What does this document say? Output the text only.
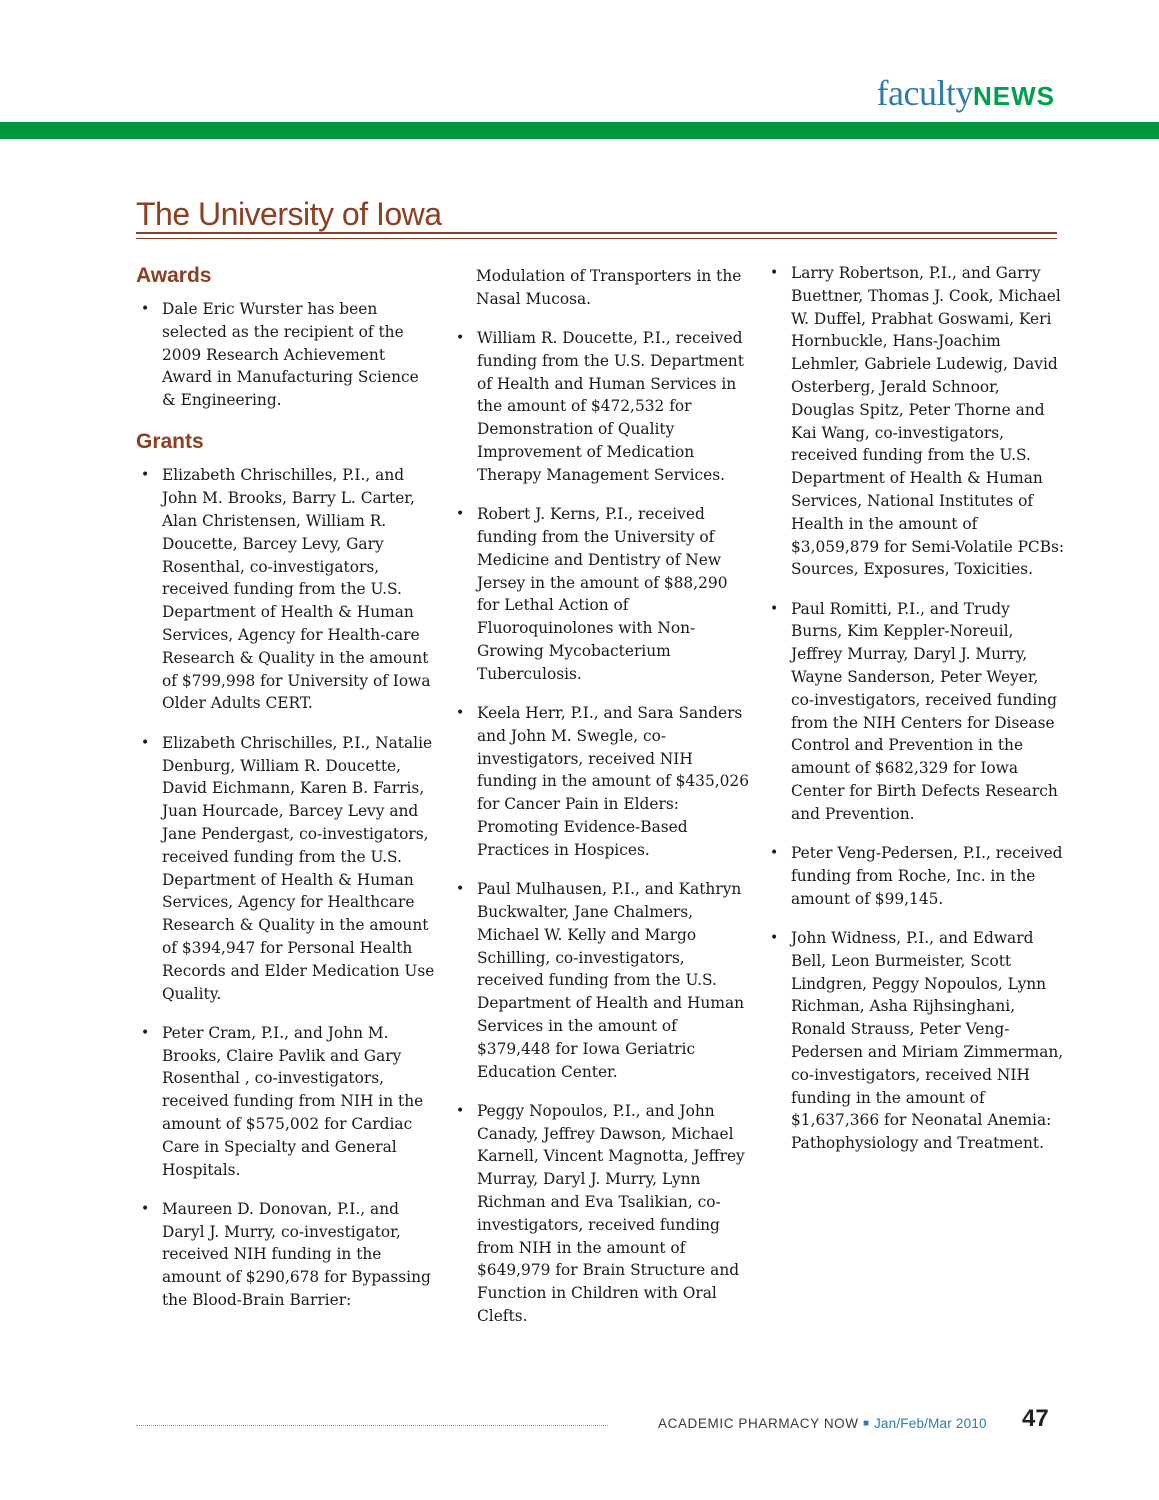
facultyNEWS
The University of Iowa
Awards
• Dale Eric Wurster has been selected as the recipient of the 2009 Research Achievement Award in Manufacturing Science & Engineering.
Grants
• Elizabeth Chrischilles, P.I., and John M. Brooks, Barry L. Carter, Alan Christensen, William R. Doucette, Barcey Levy, Gary Rosenthal, co-investigators, received funding from the U.S. Department of Health & Human Services, Agency for Health-care Research & Quality in the amount of $799,998 for University of Iowa Older Adults CERT.
• Elizabeth Chrischilles, P.I., Natalie Denburg, William R. Doucette, David Eichmann, Karen B. Farris, Juan Hourcade, Barcey Levy and Jane Pendergast, co-investigators, received funding from the U.S. Department of Health & Human Services, Agency for Healthcare Research & Quality in the amount of $394,947 for Personal Health Records and Elder Medication Use Quality.
• Peter Cram, P.I., and John M. Brooks, Claire Pavlik and Gary Rosenthal , co-investigators, received funding from NIH in the amount of $575,002 for Cardiac Care in Specialty and General Hospitals.
• Maureen D. Donovan, P.I., and Daryl J. Murry, co-investigator, received NIH funding in the amount of $290,678 for Bypassing the Blood-Brain Barrier:
Modulation of Transporters in the Nasal Mucosa.
• William R. Doucette, P.I., received funding from the U.S. Department of Health and Human Services in the amount of $472,532 for Demonstration of Quality Improvement of Medication Therapy Management Services.
• Robert J. Kerns, P.I., received funding from the University of Medicine and Dentistry of New Jersey in the amount of $88,290 for Lethal Action of Fluoroquinolones with Non-Growing Mycobacterium Tuberculosis.
• Keela Herr, P.I., and Sara Sanders and John M. Swegle, co-investigators, received NIH funding in the amount of $435,026 for Cancer Pain in Elders: Promoting Evidence-Based Practices in Hospices.
• Paul Mulhausen, P.I., and Kathryn Buckwalter, Jane Chalmers, Michael W. Kelly and Margo Schilling, co-investigators, received funding from the U.S. Department of Health and Human Services in the amount of $379,448 for Iowa Geriatric Education Center.
• Peggy Nopoulos, P.I., and John Canady, Jeffrey Dawson, Michael Karnell, Vincent Magnotta, Jeffrey Murray, Daryl J. Murry, Lynn Richman and Eva Tsalikian, co-investigators, received funding from NIH in the amount of $649,979 for Brain Structure and Function in Children with Oral Clefts.
• Larry Robertson, P.I., and Garry Buettner, Thomas J. Cook, Michael W. Duffel, Prabhat Goswami, Keri Hornbuckle, Hans-Joachim Lehmler, Gabriele Ludewig, David Osterberg, Jerald Schnoor, Douglas Spitz, Peter Thorne and Kai Wang, co-investigators, received funding from the U.S. Department of Health & Human Services, National Institutes of Health in the amount of $3,059,879 for Semi-Volatile PCBs: Sources, Exposures, Toxicities.
• Paul Romitti, P.I., and Trudy Burns, Kim Keppler-Noreuil, Jeffrey Murray, Daryl J. Murry, Wayne Sanderson, Peter Weyer, co-investigators, received funding from the NIH Centers for Disease Control and Prevention in the amount of $682,329 for Iowa Center for Birth Defects Research and Prevention.
• Peter Veng-Pedersen, P.I., received funding from Roche, Inc. in the amount of $99,145.
• John Widness, P.I., and Edward Bell, Leon Burmeister, Scott Lindgren, Peggy Nopoulos, Lynn Richman, Asha Rijhsinghani, Ronald Strauss, Peter Veng-Pedersen and Miriam Zimmerman, co-investigators, received NIH funding in the amount of $1,637,366 for Neonatal Anemia: Pathophysiology and Treatment.
ACADEMIC PHARMACY NOW ■ Jan/Feb/Mar 2010 47
